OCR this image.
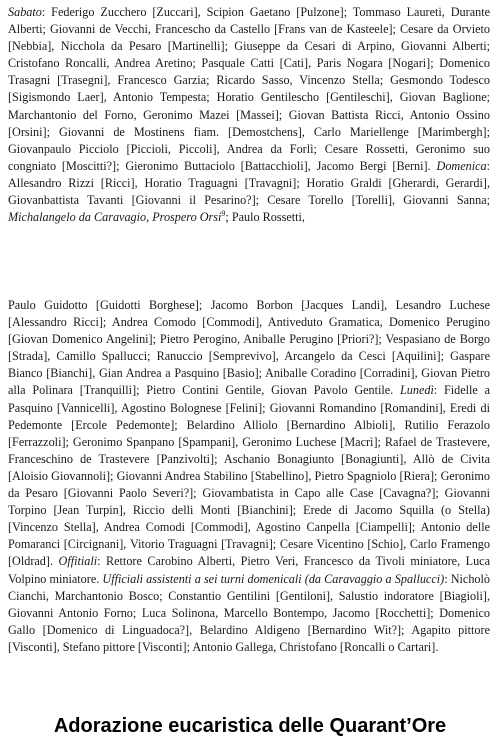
Sabato: Federigo Zucchero [Zuccari], Scipion Gaetano [Pulzone]; Tommaso Laureti, Durante Alberti; Giovanni de Vecchi, Francescho da Castello [Frans van de Kasteele]; Cesare da Orvieto [Nebbia], Nicchola da Pesaro [Martinelli]; Giuseppe da Cesari di Arpino, Giovanni Alberti; Cristofano Roncalli, Andrea Aretino; Pasquale Catti [Cati], Paris Nogara [Nogari]; Domenico Trasagni [Trasegni], Francesco Garzia; Ricardo Sasso, Vincenzo Stella; Gesmondo Todesco [Sigismondo Laer], Antonio Tempesta; Horatio Gentileschо [Gentileschi], Giovan Baglione; Marchantonio del Forno, Geronimo Mazei [Massei]; Giovan Battista Ricci, Antonio Ossino [Orsini]; Giovanni de Mostinens fiam. [Demostchens], Carlo Mariellenge [Marimbergh]; Giovanpaulo Picciolo [Piccioli, Piccoli], Andrea da Forlì; Cesare Rossetti, Geronimo suo congniato [Moscitti?]; Gieronimo Buttaciolo [Battacchioli], Jacomo Bergi [Berni]. Domenica: Allesandro Rizzi [Ricci], Horatio Traguagni [Travagni]; Horatio Graldi [Gherardi, Gerardi], Giovanbattista Tavanti [Giovanni il Pesarino?]; Cesare Torello [Torelli], Giovanni Sanna; Michalangelo da Caravagio, Prospero Orsi$^9$; Paulo Rossetti,

Paulo Guidotto [Guidotti Borghese]; Jacomo Borbon [Jacques Landi], Lesandro Luchese [Alessandro Ricci]; Andrea Comodo [Commodi], Antiveduto Gramatica, Domenico Perugino [Giovan Domenico Angelini]; Pietro Perogino, Aniballe Perugino [Priori?]; Vespasiano de Borgo [Strada], Camillo Spallucci; Ranuccio [Semprevivo], Arcangelo da Cesci [Aquilini]; Gaspare Bianco [Bianchi], Gian Andrea a Pasquino [Basio]; Aniballe Coradino [Corradini], Giovan Pietro alla Polinara [Tranquilli]; Pietro Contini Gentile, Giovan Pavolo Gentile. Lunedì: Fidelle a Pasquino [Vannicelli], Agostino Bolognese [Felini]; Giovanni Romandino [Romandini], Eredi di Pedemonte [Ercole Pedemonte]; Belardino Alliolo [Bernardino Albioli], Rutilio Ferazolo [Ferrazzoli]; Geronimo Spanpano [Spampani], Geronimo Luchese [Macrì]; Rafael de Trastevere, Franceschino de Trastevere [Panzivolti]; Aschanio Bonagiunto [Bonagiunti], Allò de Civita [Aloisio Giovannoli]; Giovanni Andrea Stabilino [Stabellino], Pietro Spagniolo [Riera]; Geronimo da Pesaro [Giovanni Paolo Severi?]; Giovambatista in Capo alle Case [Cavagna?]; Giovanni Torpino [Jean Turpin], Riccio delli Monti [Bianchini]; Erede di Jacomo Squilla (o Stella) [Vincenzo Stella], Andrea Comodi [Commodi], Agostino Canpella [Ciampelli]; Antonio delle Pomarancі [Circignani], Vitorio Traguagni [Travagni]; Cesare Vicentino [Schio], Carlo Framengo [Oldrad]. Offitiali: Rettore Carobino Alberti, Pietro Veri, Francesco da Tivoli miniatore, Luca Volpino miniatore. Ufficiali assistenti a sei turni domenicali (da Caravaggio a Spallucci): Nicholò Cianchi, Marchantonio Bosco; Constantio Gentilini [Gentiloni], Salustio indoratore [Biagioli], Giovanni Antonio Forno; Luca Solinona, Marcello Bontempo, Jacomo [Rocchetti]; Domenico Gallo [Domenico di Linguadoca?], Belardino Aldigeno [Bernardino Wit?]; Agapito pittore [Visconti], Stefano pittore [Visconti]; Antonio Gallega, Christofano [Roncalli o Cartari].

Adorazione eucaristica delle Quarant’Ore
